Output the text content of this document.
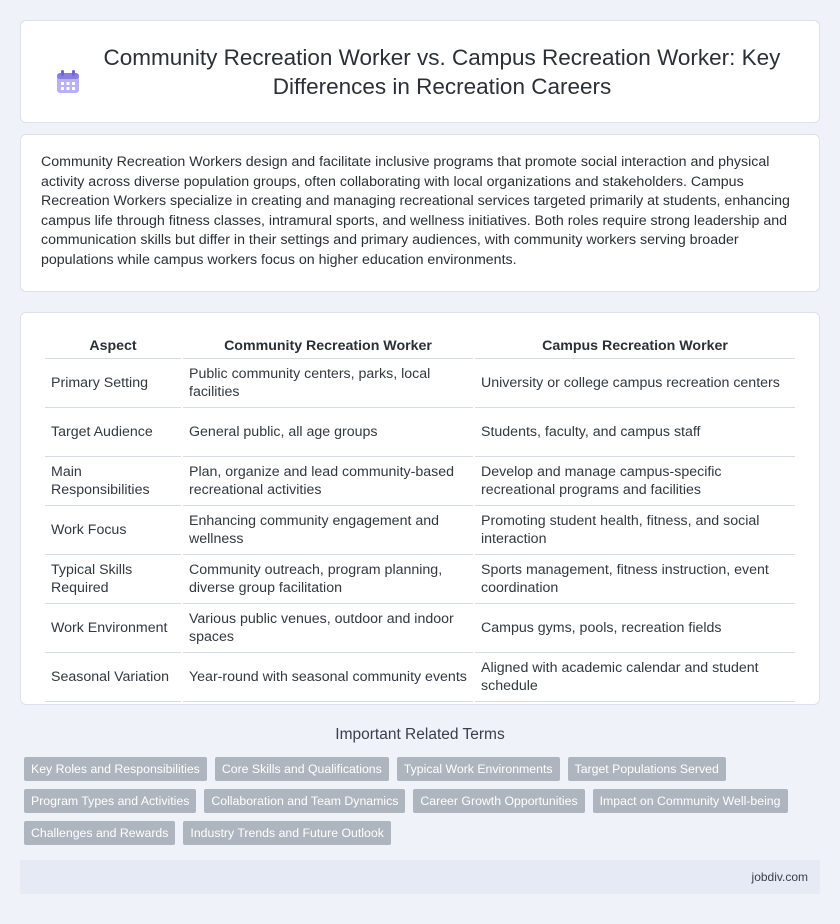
Community Recreation Worker vs. Campus Recreation Worker: Key Differences in Recreation Careers

Community Recreation Workers design and facilitate inclusive programs that promote social interaction and physical activity across diverse population groups, often collaborating with local organizations and stakeholders. Campus Recreation Workers specialize in creating and managing recreational services targeted primarily at students, enhancing campus life through fitness classes, intramural sports, and wellness initiatives. Both roles require strong leadership and communication skills but differ in their settings and primary audiences, with community workers serving broader populations while campus workers focus on higher education environments.

Aspect	Community Recreation Worker	Campus Recreation Worker
Primary Setting	Public community centers, parks, local facilities	University or college campus recreation centers
Target Audience	General public, all age groups	Students, faculty, and campus staff
Main Responsibilities	Plan, organize and lead community-based recreational activities	Develop and manage campus-specific recreational programs and facilities
Work Focus	Enhancing community engagement and wellness	Promoting student health, fitness, and social interaction
Typical Skills Required	Community outreach, program planning, diverse group facilitation	Sports management, fitness instruction, event coordination
Work Environment	Various public venues, outdoor and indoor spaces	Campus gyms, pools, recreation fields
Seasonal Variation	Year-round with seasonal community events	Aligned with academic calendar and student schedule
Important Related Terms
Key Roles and Responsibilities	Core Skills and Qualifications	Typical Work Environments	Target Populations Served
Program Types and Activities	Collaboration and Team Dynamics	Career Growth Opportunities	Impact on Community Well-being
Challenges and Rewards	Industry Trends and Future Outlook
jobdiv.com
